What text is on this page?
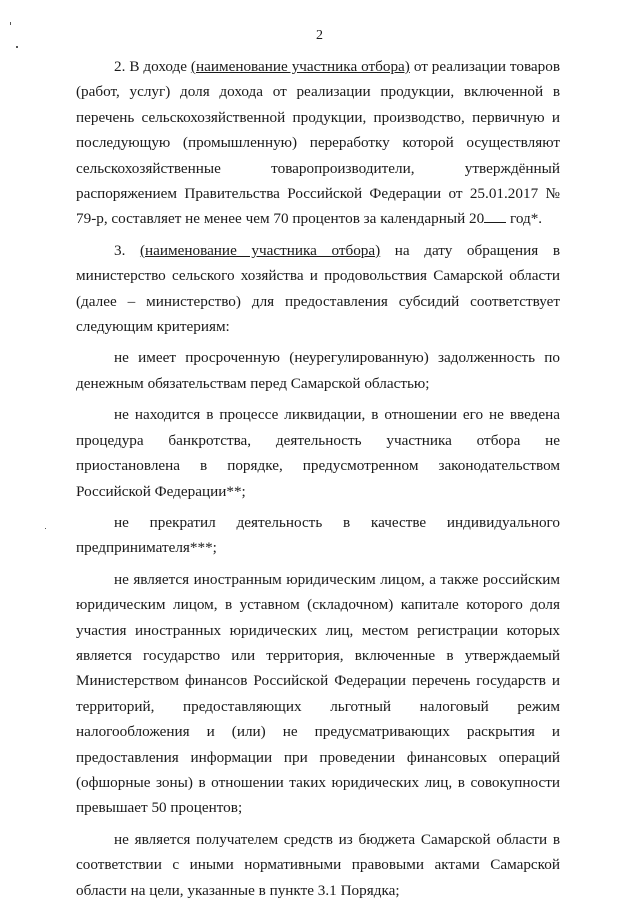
2

2. В доходе (наименование участника отбора) от реализации товаров (работ, услуг) доля дохода от реализации продукции, включенной в перечень сельскохозяйственной продукции, производство, первичную и последующую (промышленную) переработку которой осуществляют сельскохозяйственные товаропроизводители, утверждённый распоряжением Правительства Российской Федерации от 25.01.2017 № 79-р, составляет не менее чем 70 процентов за календарный 20 год*.

3. (наименование участника отбора) на дату обращения в министерство сельского хозяйства и продовольствия Самарской области (далее – министерство) для предоставления субсидий соответствует следующим критериям:

не имеет просроченную (неурегулированную) задолженность по денежным обязательствам перед Самарской областью;

не находится в процессе ликвидации, в отношении его не введена процедура банкротства, деятельность участника отбора не приостановлена в порядке, предусмотренном законодательством Российской Федерации**;

не прекратил деятельность в качестве индивидуального предпринимателя***;

не является иностранным юридическим лицом, а также российским юридическим лицом, в уставном (складочном) капитале которого доля участия иностранных юридических лиц, местом регистрации которых является государство или территория, включенные в утверждаемый Министерством финансов Российской Федерации перечень государств и территорий, предоставляющих льготный налоговый режим налогообложения и (или) не предусматривающих раскрытия и предоставления информации при проведении финансовых операций (офшорные зоны) в отношении таких юридических лиц, в совокупности превышает 50 процентов;

не является получателем средств из бюджета Самарской области в соответствии с иными нормативными правовыми актами Самарской области на цели, указанные в пункте 3.1 Порядка;
